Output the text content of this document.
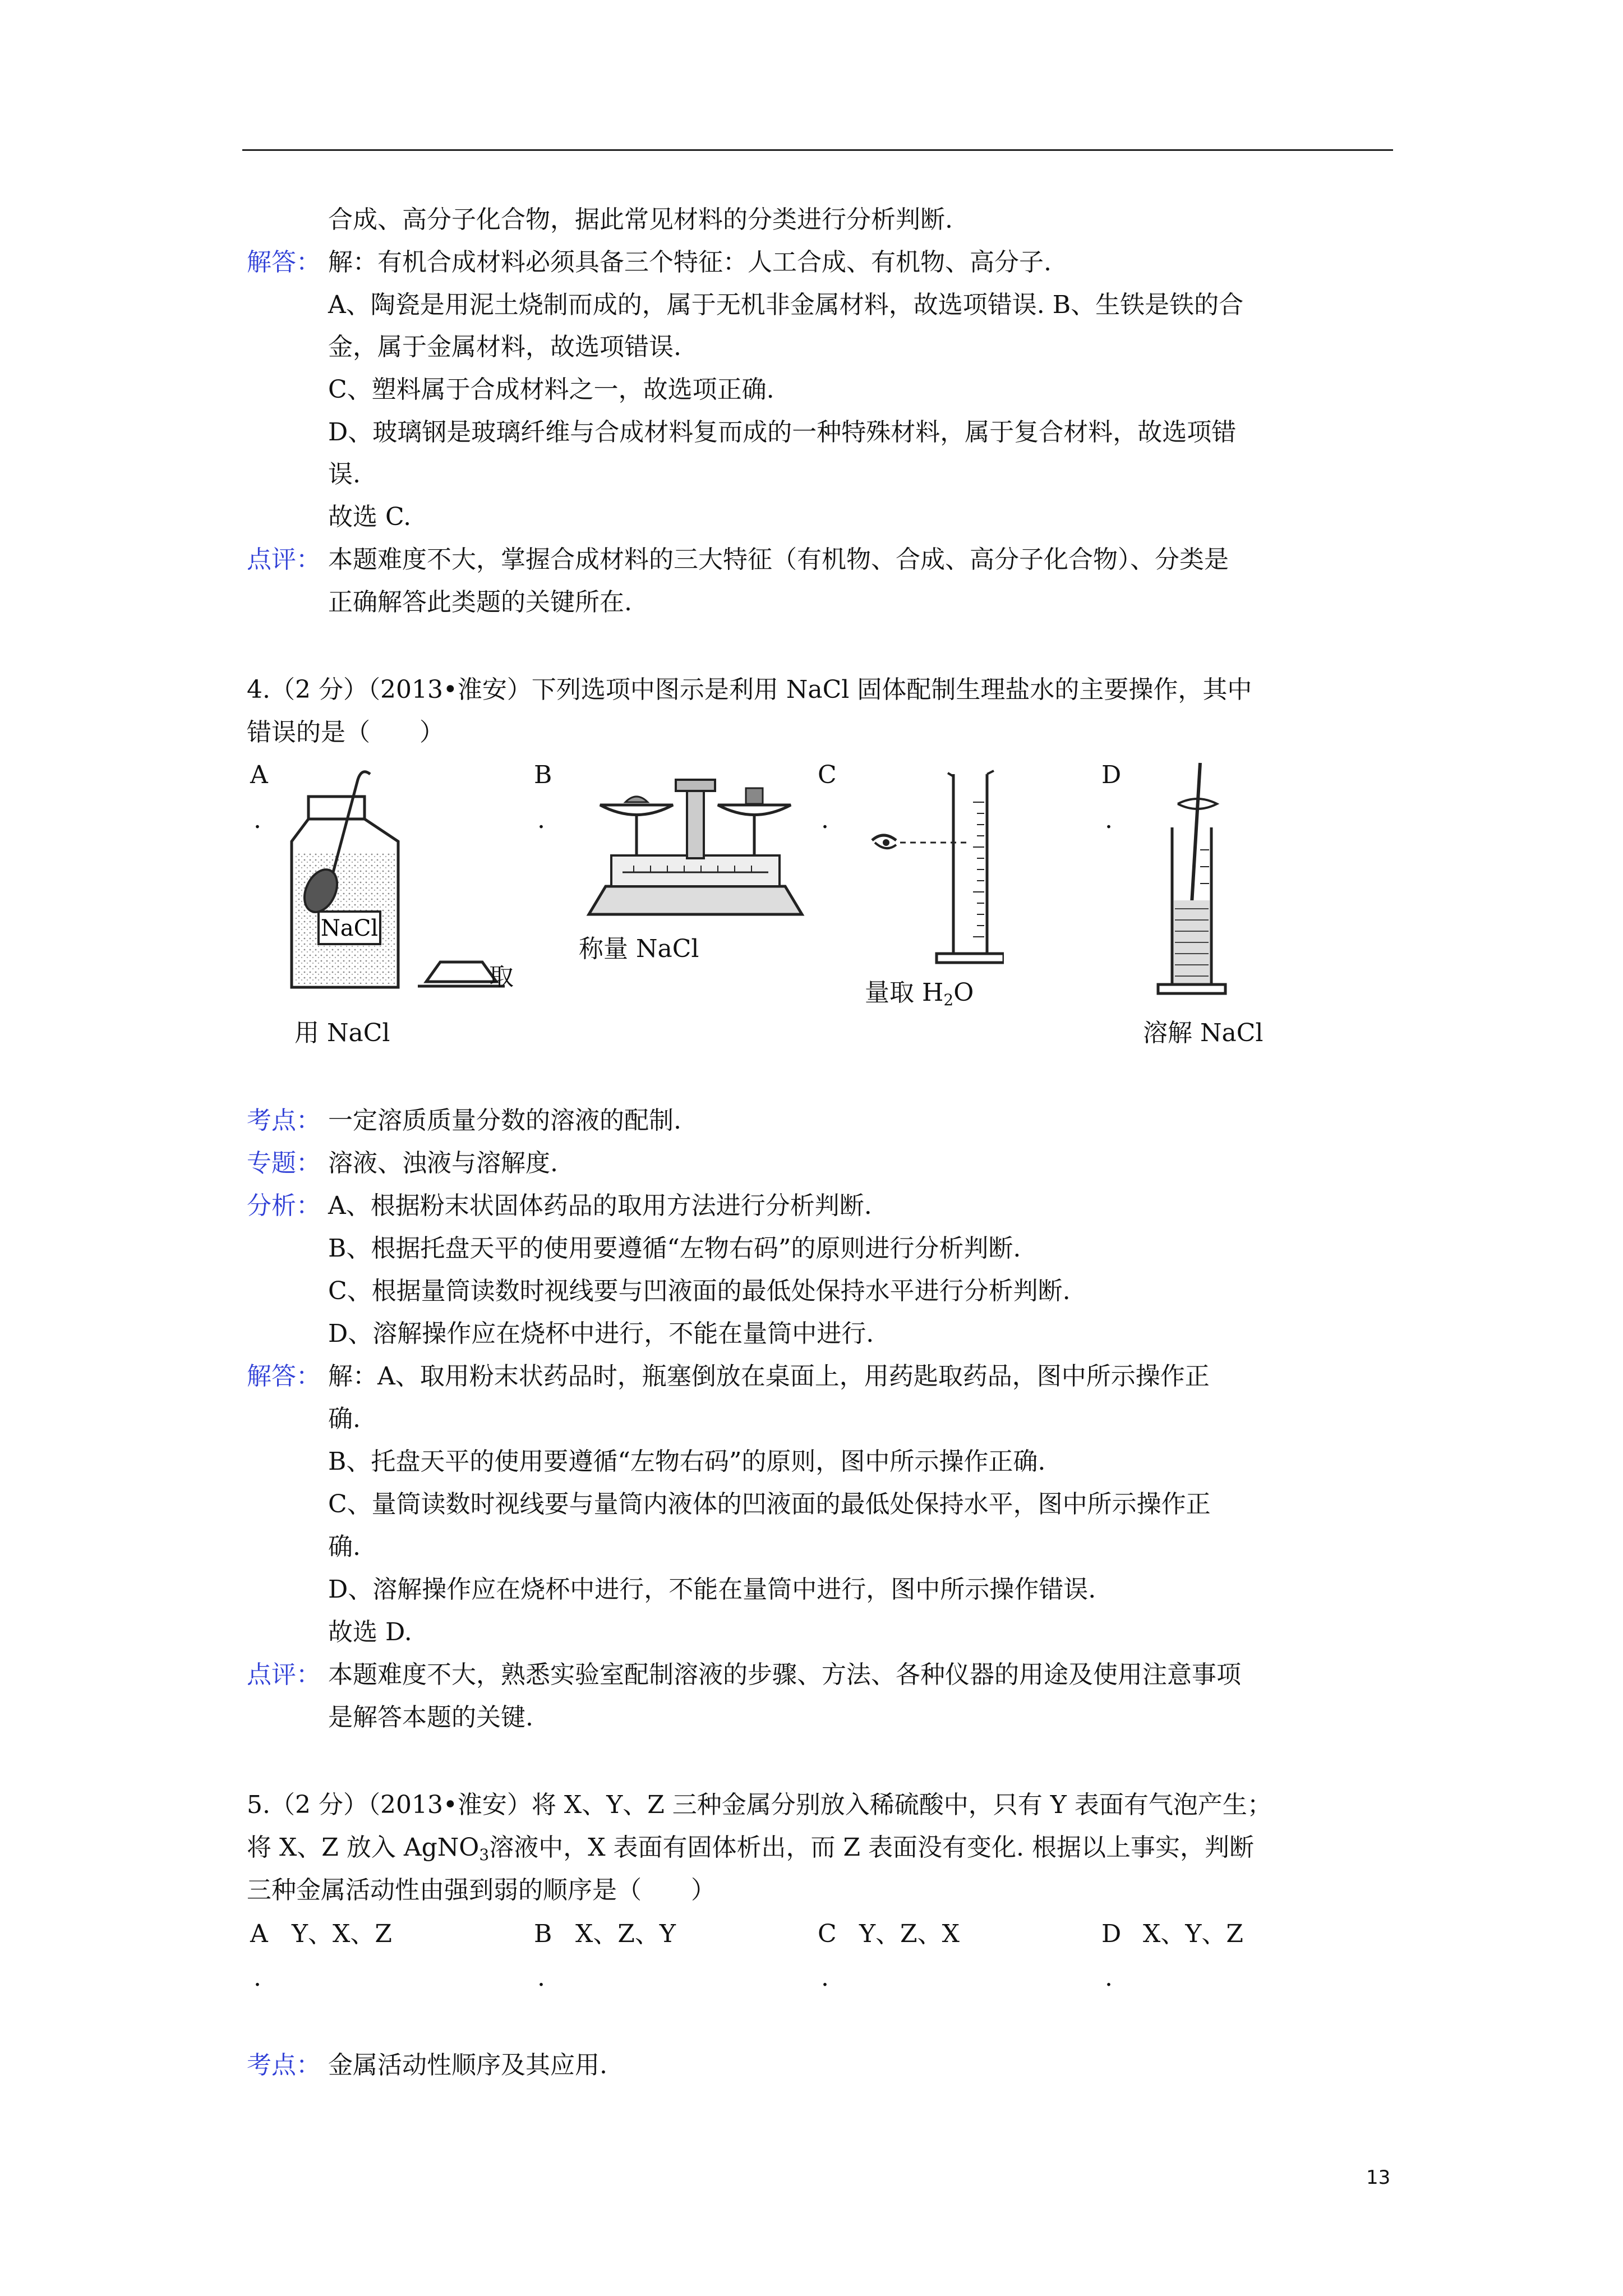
合成、高分子化合物，据此常见材料的分类进行分析判断.
解答： 解：有机合成材料必须具备三个特征：人工合成、有机物、高分子.
A、陶瓷是用泥土烧制而成的，属于无机非金属材料，故选项错误. B、生铁是铁的合
金，属于金属材料，故选项错误.
C、塑料属于合成材料之一，故选项正确.
D、玻璃钢是玻璃纤维与合成材料复而成的一种特殊材料，属于复合材料，故选项错
误.
故选 C.
点评： 本题难度不大，掌握合成材料的三大特征（有机物、合成、高分子化合物）、分类是
正确解答此类题的关键所在.
4.（2 分）（2013•淮安）下列选项中图示是利用 NaCl 固体配制生理盐水的主要操作，其中
错误的是（　　）
A
.
B
.
C
.
D
.
NaCl
取
用 NaCl
称量 NaCl
量取 H2O
溶解 NaCl
考点： 一定溶质质量分数的溶液的配制.
专题： 溶液、浊液与溶解度.
分析： A、根据粉末状固体药品的取用方法进行分析判断.
B、根据托盘天平的使用要遵循“左物右码”的原则进行分析判断.
C、根据量筒读数时视线要与凹液面的最低处保持水平进行分析判断.
D、溶解操作应在烧杯中进行，不能在量筒中进行.
解答： 解：A、取用粉末状药品时，瓶塞倒放在桌面上，用药匙取药品，图中所示操作正
确.
B、托盘天平的使用要遵循“左物右码”的原则，图中所示操作正确.
C、量筒读数时视线要与量筒内液体的凹液面的最低处保持水平，图中所示操作正
确.
D、溶解操作应在烧杯中进行，不能在量筒中进行，图中所示操作错误.
故选 D.
点评： 本题难度不大，熟悉实验室配制溶液的步骤、方法、各种仪器的用途及使用注意事项
是解答本题的关键.
5.（2 分）（2013•淮安）将 X、Y、Z 三种金属分别放入稀硫酸中，只有 Y 表面有气泡产生；
将 X、Z 放入 AgNO3溶液中，X 表面有固体析出，而 Z 表面没有变化. 根据以上事实，判断
三种金属活动性由强到弱的顺序是（　　）
A Y、X、Z
.
B X、Z、Y
.
C Y、Z、X
.
D X、Y、Z
.
考点： 金属活动性顺序及其应用.
13
